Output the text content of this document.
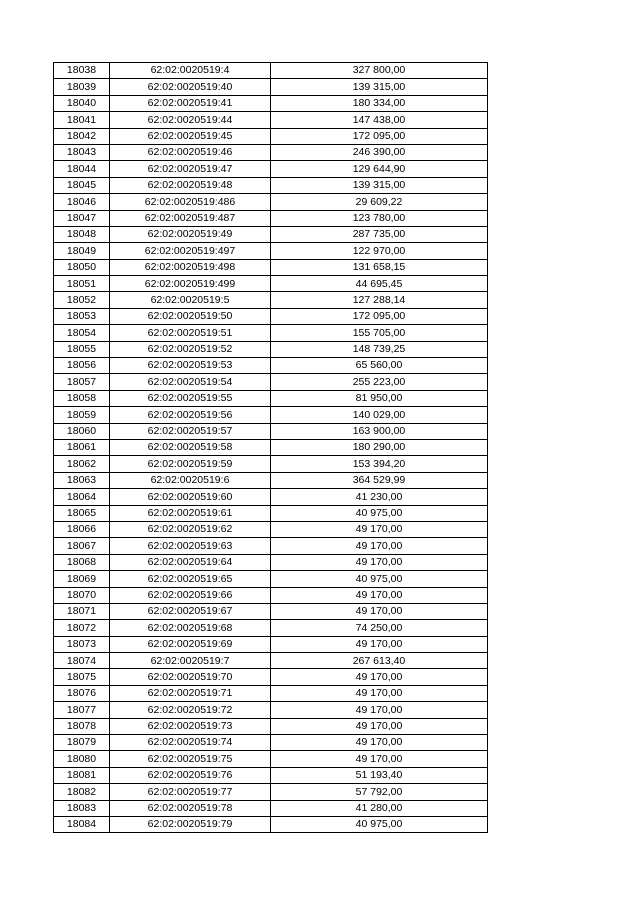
18038	62:02:0020519:4	327 800,00
18039	62:02:0020519:40	139 315,00
18040	62:02:0020519:41	180 334,00
18041	62:02:0020519:44	147 438,00
18042	62:02:0020519:45	172 095,00
18043	62:02:0020519:46	246 390,00
18044	62:02:0020519:47	129 644,90
18045	62:02:0020519:48	139 315,00
18046	62:02:0020519:486	29 609,22
18047	62:02:0020519:487	123 780,00
18048	62:02:0020519:49	287 735,00
18049	62:02:0020519:497	122 970,00
18050	62:02:0020519:498	131 658,15
18051	62:02:0020519:499	44 695,45
18052	62:02:0020519:5	127 288,14
18053	62:02:0020519:50	172 095,00
18054	62:02:0020519:51	155 705,00
18055	62:02:0020519:52	148 739,25
18056	62:02:0020519:53	65 560,00
18057	62:02:0020519:54	255 223,00
18058	62:02:0020519:55	81 950,00
18059	62:02:0020519:56	140 029,00
18060	62:02:0020519:57	163 900,00
18061	62:02:0020519:58	180 290,00
18062	62:02:0020519:59	153 394,20
18063	62:02:0020519:6	364 529,99
18064	62:02:0020519:60	41 230,00
18065	62:02:0020519:61	40 975,00
18066	62:02:0020519:62	49 170,00
18067	62:02:0020519:63	49 170,00
18068	62:02:0020519:64	49 170,00
18069	62:02:0020519:65	40 975,00
18070	62:02:0020519:66	49 170,00
18071	62:02:0020519:67	49 170,00
18072	62:02:0020519:68	74 250,00
18073	62:02:0020519:69	49 170,00
18074	62:02:0020519:7	267 613,40
18075	62:02:0020519:70	49 170,00
18076	62:02:0020519:71	49 170,00
18077	62:02:0020519:72	49 170,00
18078	62:02:0020519:73	49 170,00
18079	62:02:0020519:74	49 170,00
18080	62:02:0020519:75	49 170,00
18081	62:02:0020519:76	51 193,40
18082	62:02:0020519:77	57 792,00
18083	62:02:0020519:78	41 280,00
18084	62:02:0020519:79	40 975,00
